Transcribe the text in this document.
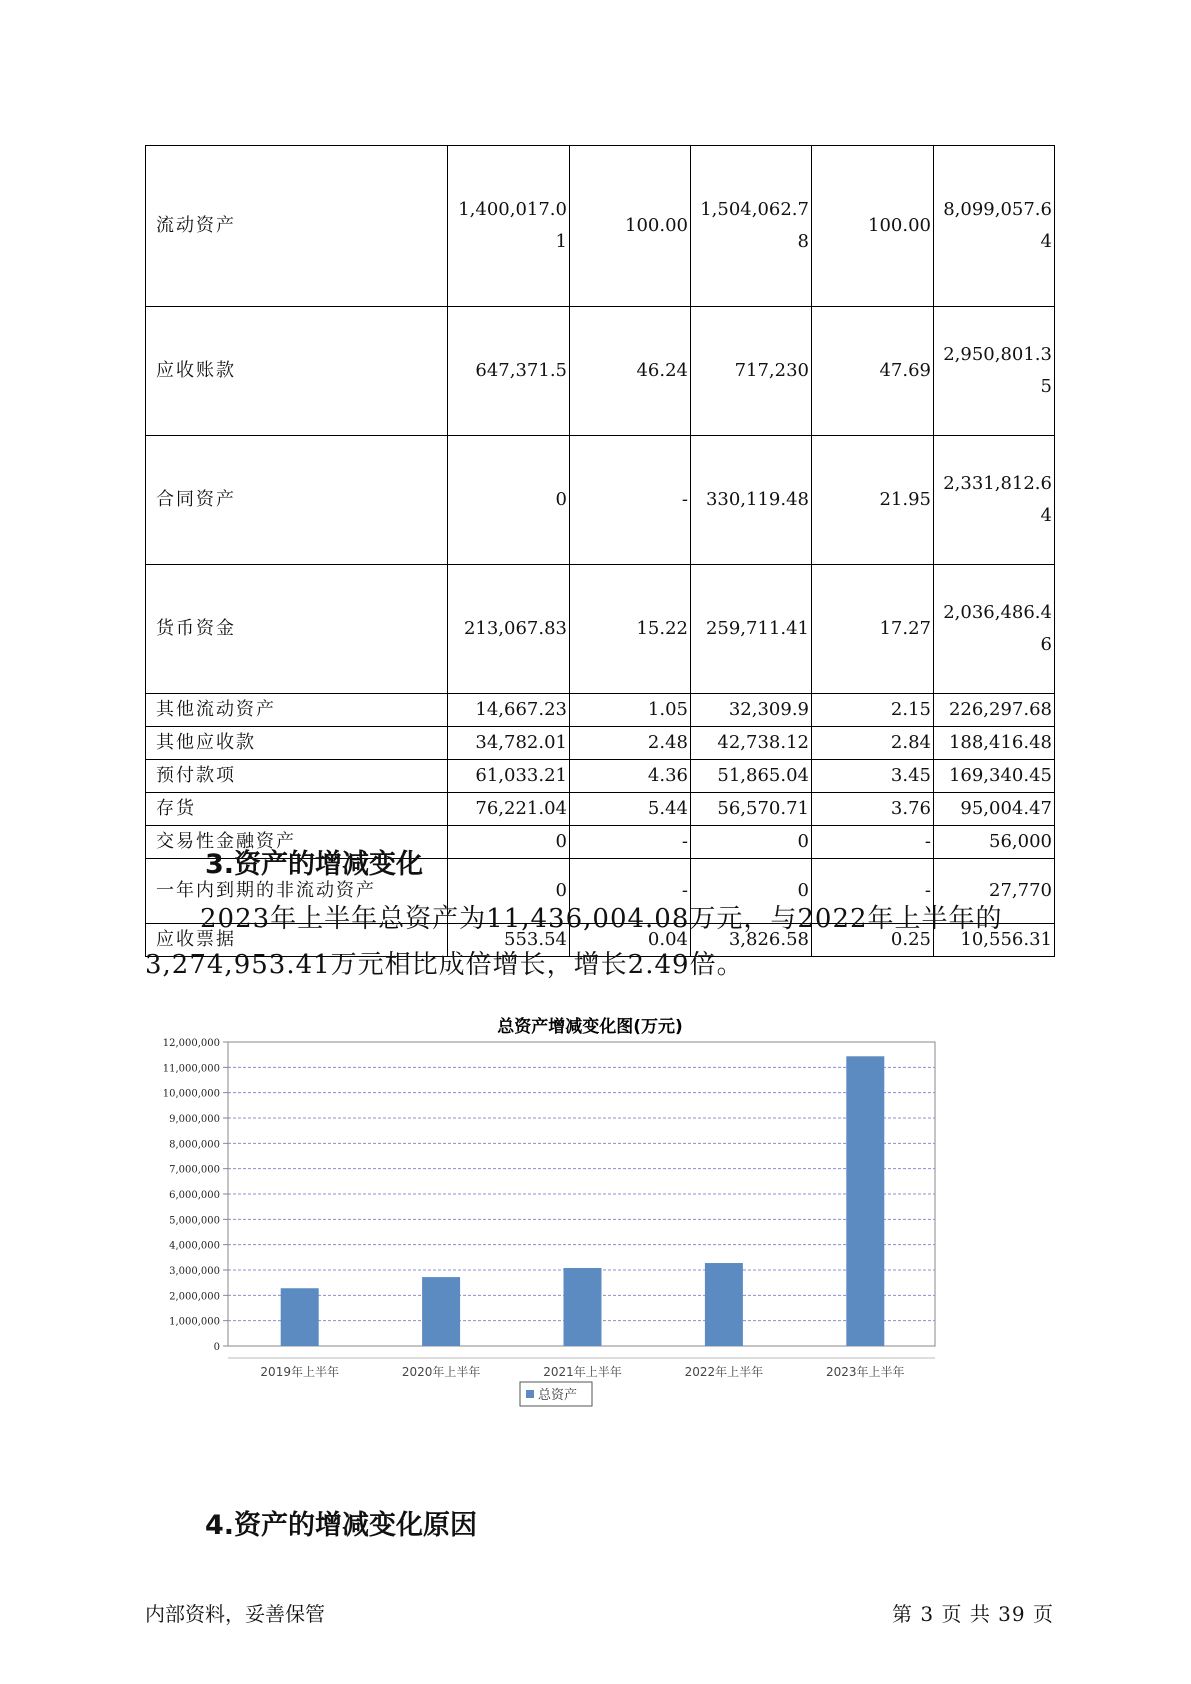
流动资产	1,400,017.01	100.00	1,504,062.78	100.00	8,099,057.64	
应收账款	647,371.5	46.24	717,230	47.69	2,950,801.35	
合同资产	0	-	330,119.48	21.95	2,331,812.64	
货币资金	213,067.83	15.22	259,711.41	17.27	2,036,486.46	
其他流动资产	14,667.23	1.05	32,309.9	2.15	226,297.68	
其他应收款	34,782.01	2.48	42,738.12	2.84	188,416.48	
预付款项	61,033.21	4.36	51,865.04	3.45	169,340.45	
存货	76,221.04	5.44	56,570.71	3.76	95,004.47	
交易性金融资产	0	-	0	-	56,000	
一年内到期的非流动资产	0	-	0	-	27,770	
应收票据	553.54	0.04	3,826.58	0.25	10,556.31	
3.资产的增减变化

2023年上半年总资产为11,436,004.08万元，与2022年上半年的3,274,953.41万元相比成倍增长，增长2.49倍。

总资产增减变化图(万元)
0
1,000,000
2,000,000
3,000,000
4,000,000
5,000,000
6,000,000
7,000,000
8,000,000
9,000,000
10,000,000
11,000,000
12,000,000
2019年上半年	2020年上半年	2021年上半年	2022年上半年	2023年上半年
总资产
4.资产的增减变化原因
内部资料，妥善保管	第 3 页 共 39 页
